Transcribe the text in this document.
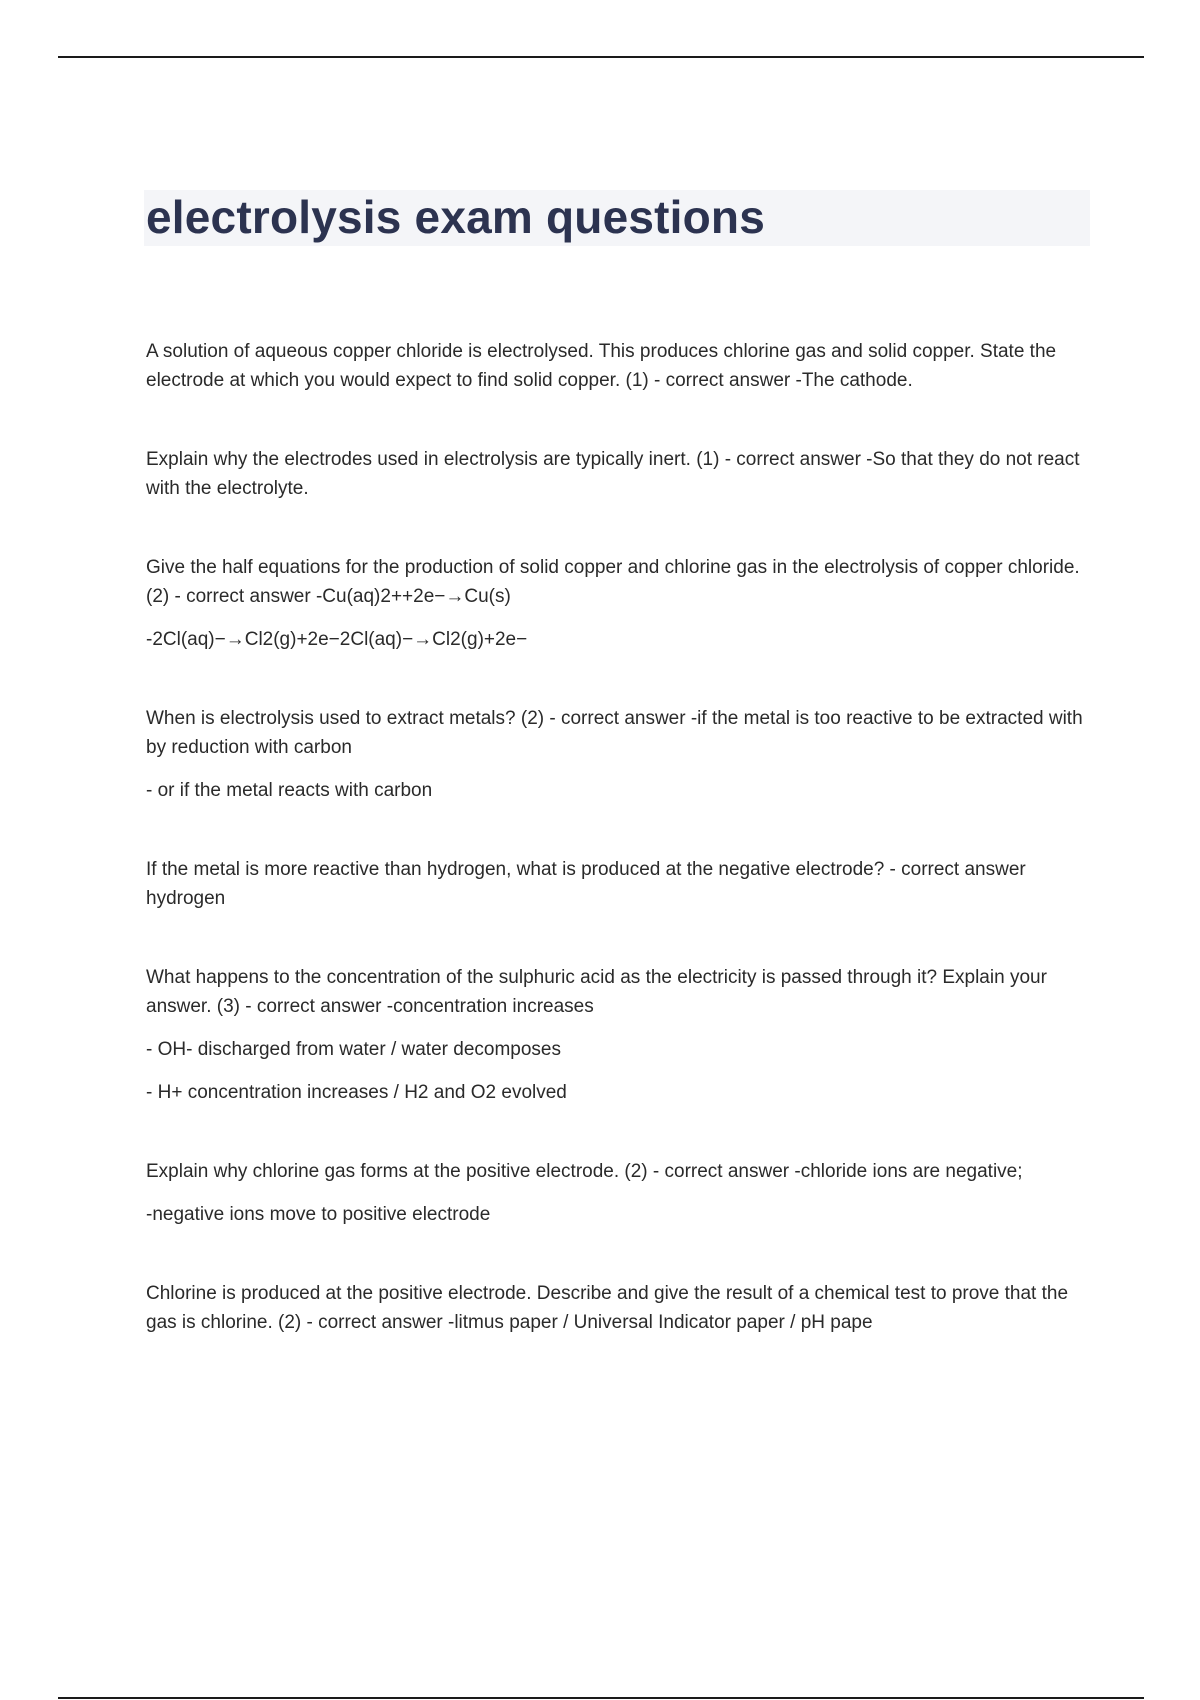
electrolysis exam questions

A solution of aqueous copper chloride is electrolysed. This produces chlorine gas and solid copper. State the electrode at which you would expect to find solid copper. (1) - correct answer -The cathode.

Explain why the electrodes used in electrolysis are typically inert. (1) - correct answer -So that they do not react with the electrolyte.

Give the half equations for the production of solid copper and chlorine gas in the electrolysis of copper chloride. (2) - correct answer -Cu(aq)2++2e−→Cu(s)

-2Cl(aq)−→Cl2(g)+2e−2Cl(aq)−→Cl2(g)+2e−

When is electrolysis used to extract metals? (2) - correct answer -if the metal is too reactive to be extracted with by reduction with carbon

- or if the metal reacts with carbon

If the metal is more reactive than hydrogen, what is produced at the negative electrode? - correct answer hydrogen

What happens to the concentration of the sulphuric acid as the electricity is passed through it? Explain your answer. (3) - correct answer -concentration increases

- OH- discharged from water / water decomposes

- H+ concentration increases / H2 and O2 evolved

Explain why chlorine gas forms at the positive electrode. (2) - correct answer -chloride ions are negative;

-negative ions move to positive electrode

Chlorine is produced at the positive electrode. Describe and give the result of a chemical test to prove that the gas is chlorine. (2) - correct answer -litmus paper / Universal Indicator paper / pH pape
